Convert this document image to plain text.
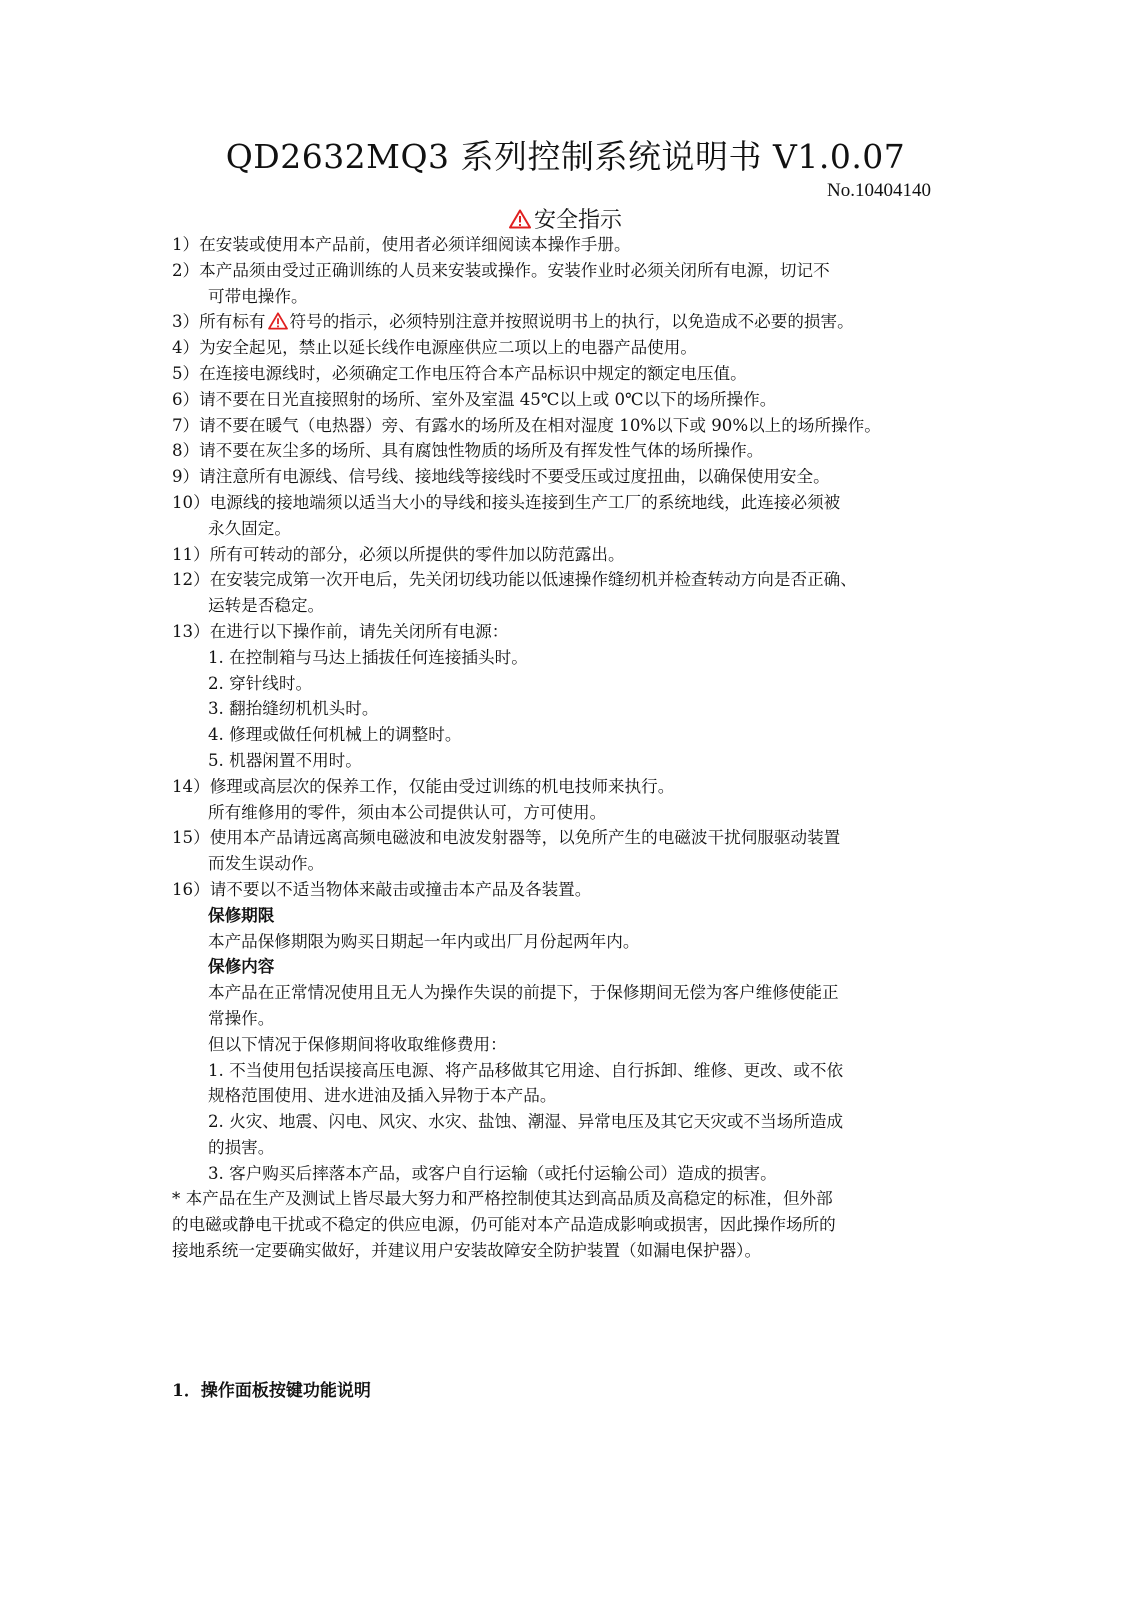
QD2632MQ3 系列控制系统说明书 V1.0.07
No.10404140
安全指示
1） 在安装或使用本产品前，使用者必须详细阅读本操作手册。
2） 本产品须由受过正确训练的人员来安装或操作。安装作业时必须关闭所有电源，切记不
可带电操作。
3） 所有标有 符号的指示，必须特别注意并按照说明书上的执行，以免造成不必要的损害。
4） 为安全起见，禁止以延长线作电源座供应二项以上的电器产品使用。
5） 在连接电源线时，必须确定工作电压符合本产品标识中规定的额定电压值。
6） 请不要在日光直接照射的场所、室外及室温 45℃以上或 0℃以下的场所操作。
7） 请不要在暖气（电热器）旁、有露水的场所及在相对湿度 10%以下或 90%以上的场所操作。
8） 请不要在灰尘多的场所、具有腐蚀性物质的场所及有挥发性气体的场所操作。
9） 请注意所有电源线、信号线、接地线等接线时不要受压或过度扭曲，以确保使用安全。
10） 电源线的接地端须以适当大小的导线和接头连接到生产工厂的系统地线，此连接必须被
永久固定。
11） 所有可转动的部分，必须以所提供的零件加以防范露出。
12） 在安装完成第一次开电后，先关闭切线功能以低速操作缝纫机并检查转动方向是否正确、
运转是否稳定。
13） 在进行以下操作前，请先关闭所有电源：
1. 在控制箱与马达上插拔任何连接插头时。
2. 穿针线时。
3. 翻抬缝纫机机头时。
4. 修理或做任何机械上的调整时。
5. 机器闲置不用时。
14） 修理或高层次的保养工作，仅能由受过训练的机电技师来执行。
所有维修用的零件，须由本公司提供认可，方可使用。
15） 使用本产品请远离高频电磁波和电波发射器等，以免所产生的电磁波干扰伺服驱动装置
而发生误动作。
16） 请不要以不适当物体来敲击或撞击本产品及各装置。
保修期限
本产品保修期限为购买日期起一年内或出厂月份起两年内。
保修内容
本产品在正常情况使用且无人为操作失误的前提下，于保修期间无偿为客户维修使能正
常操作。
但以下情况于保修期间将收取维修费用：
1. 不当使用包括误接高压电源、将产品移做其它用途、自行拆卸、维修、更改、或不依
规格范围使用、进水进油及插入异物于本产品。
2. 火灾、地震、闪电、风灾、水灾、盐蚀、潮湿、异常电压及其它天灾或不当场所造成
的损害。
3. 客户购买后摔落本产品，或客户自行运输（或托付运输公司）造成的损害。
* 本产品在生产及测试上皆尽最大努力和严格控制使其达到高品质及高稳定的标准，但外部
的电磁或静电干扰或不稳定的供应电源，仍可能对本产品造成影响或损害，因此操作场所的
接地系统一定要确实做好，并建议用户安装故障安全防护装置（如漏电保护器）。
1．操作面板按键功能说明
